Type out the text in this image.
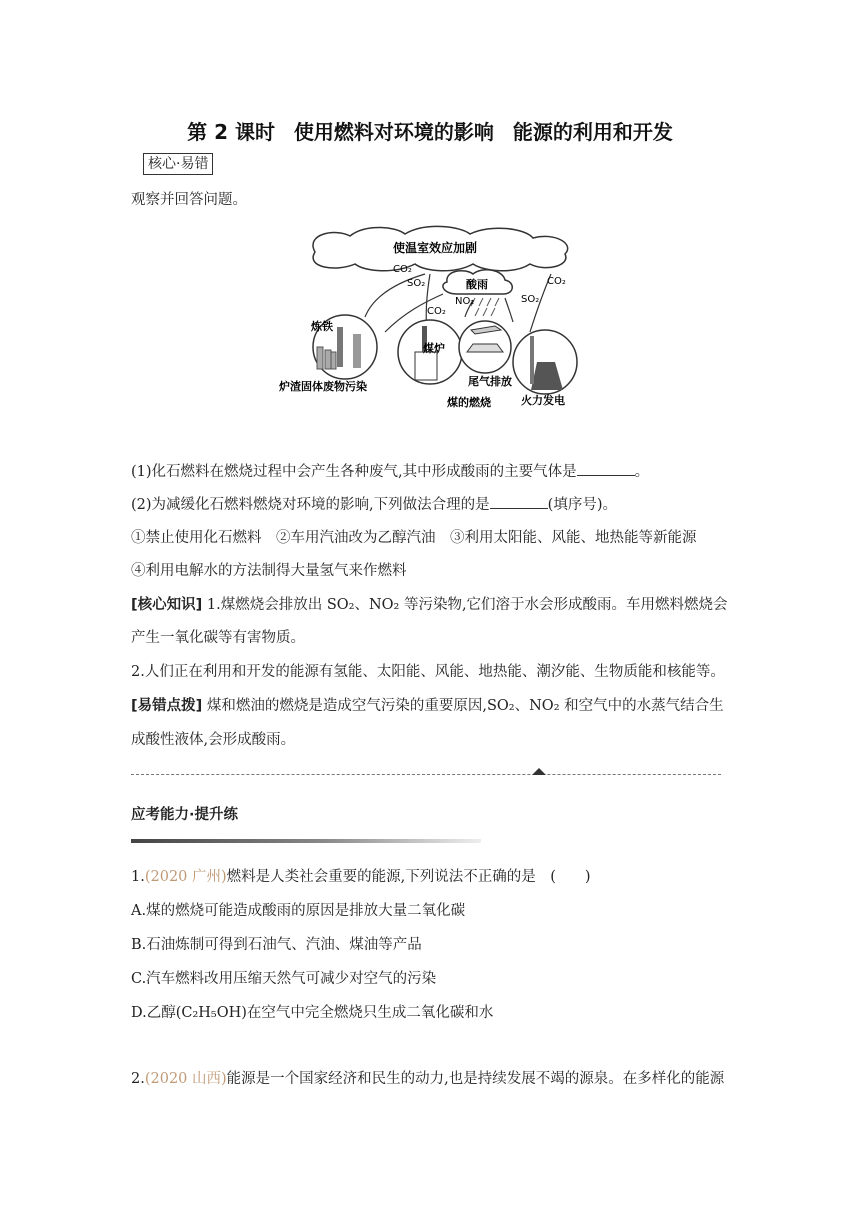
第 2 课时 使用燃料对环境的影响 能源的利用和开发
核心·易错
观察并回答问题。
使温室效应加剧
酸雨
CO₂
SO₂
CO₂
NO₂	SO₂
CO₂
炼铁
炉渣固体废物污染
煤炉
煤的燃烧
尾气排放
火力发电
(1)化石燃料在燃烧过程中会产生各种废气,其中形成酸雨的主要气体是	。
(2)为减缓化石燃料燃烧对环境的影响,下列做法合理的是	(填序号)。
①禁止使用化石燃料　②车用汽油改为乙醇汽油　③利用太阳能、风能、地热能等新能源
④利用电解水的方法制得大量氢气来作燃料
[核心知识] 1.煤燃烧会排放出 SO₂、NO₂ 等污染物,它们溶于水会形成酸雨。车用燃料燃烧会
产生一氧化碳等有害物质。
2.人们正在利用和开发的能源有氢能、太阳能、风能、地热能、潮汐能、生物质能和核能等。
[易错点拨] 煤和燃油的燃烧是造成空气污染的重要原因,SO₂、NO₂ 和空气中的水蒸气结合生
成酸性液体,会形成酸雨。
应考能力·提升练
1.(2020 广州)燃料是人类社会重要的能源,下列说法不正确的是　(　　)
A.煤的燃烧可能造成酸雨的原因是排放大量二氧化碳
B.石油炼制可得到石油气、汽油、煤油等产品
C.汽车燃料改用压缩天然气可减少对空气的污染
D.乙醇(C₂H₅OH)在空气中完全燃烧只生成二氧化碳和水
2.(2020 山西)能源是一个国家经济和民生的动力,也是持续发展不竭的源泉。在多样化的能源
